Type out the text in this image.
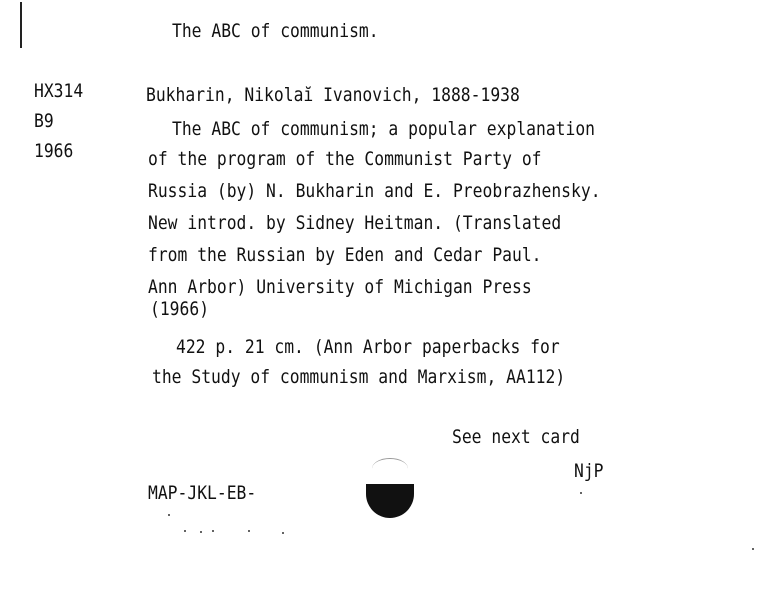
The ABC of communism.
HX314
B9
1966
Bukharin, Nikolaĭ Ivanovich, 1888-1938
The ABC of communism; a popular explanation
of the program of the Communist Party of
Russia (by) N. Bukharin and E. Preobrazhensky.
New introd. by Sidney Heitman. (Translated
from the Russian by Eden and Cedar Paul.
Ann Arbor) University of Michigan Press
(1966)
422 p. 21 cm. (Ann Arbor paperbacks for
the Study of communism and Marxism, AA112)
See next card
NjP
MAP-JKL-EB-
